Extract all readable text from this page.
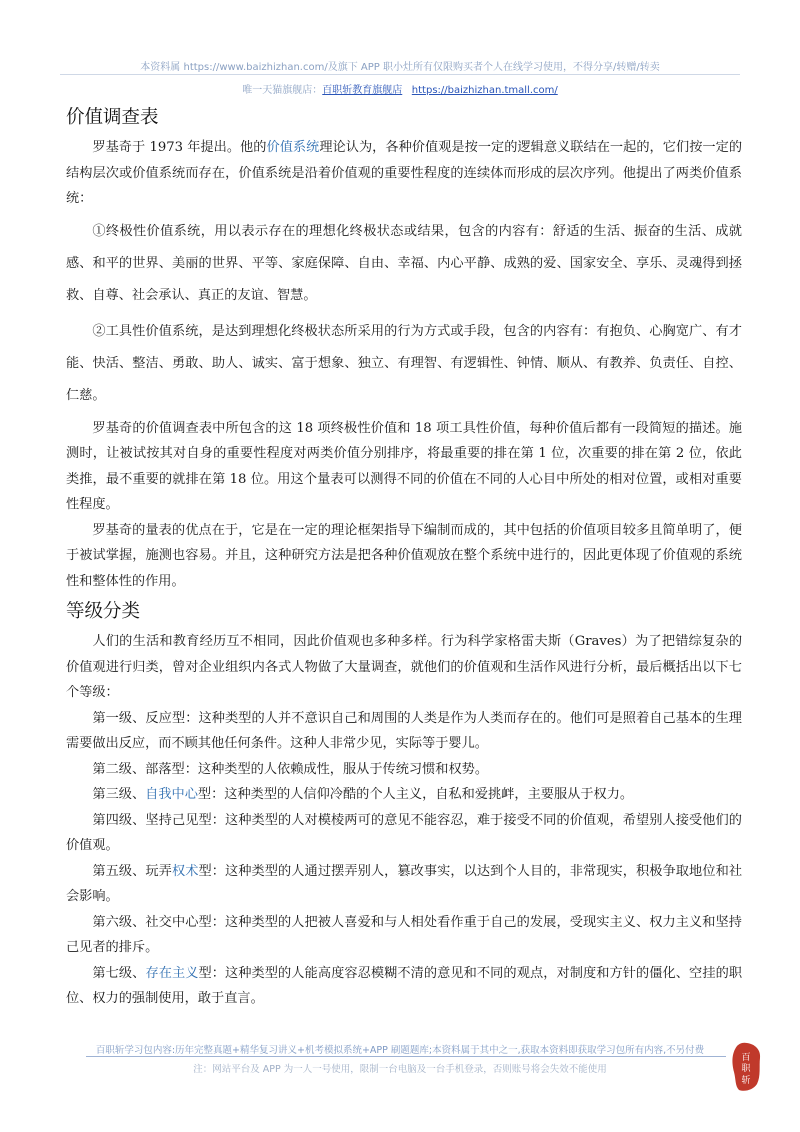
本资料属 https://www.baizhizhan.com/及旗下 APP 职小灶所有仅限购买者个人在线学习使用，不得分享/转赠/转卖
唯一天猫旗舰店：百职斩教育旗舰店 https://baizhizhan.tmall.com/
价值调查表

罗基奇于 1973 年提出。他的价值系统理论认为，各种价值观是按一定的逻辑意义联结在一起的，它们按一定的结构层次或价值系统而存在，价值系统是沿着价值观的重要性程度的连续体而形成的层次序列。他提出了两类价值系统：

①终极性价值系统，用以表示存在的理想化终极状态或结果，包含的内容有：舒适的生活、振奋的生活、成就感、和平的世界、美丽的世界、平等、家庭保障、自由、幸福、内心平静、成熟的爱、国家安全、享乐、灵魂得到拯救、自尊、社会承认、真正的友谊、智慧。

②工具性价值系统，是达到理想化终极状态所采用的行为方式或手段，包含的内容有：有抱负、心胸宽广、有才能、快活、整洁、勇敢、助人、诚实、富于想象、独立、有理智、有逻辑性、钟情、顺从、有教养、负责任、自控、仁慈。

罗基奇的价值调查表中所包含的这 18 项终极性价值和 18 项工具性价值，每种价值后都有一段简短的描述。施测时，让被试按其对自身的重要性程度对两类价值分别排序，将最重要的排在第 1 位，次重要的排在第 2 位，依此类推，最不重要的就排在第 18 位。用这个量表可以测得不同的价值在不同的人心目中所处的相对位置，或相对重要性程度。

罗基奇的量表的优点在于，它是在一定的理论框架指导下编制而成的，其中包括的价值项目较多且简单明了，便于被试掌握，施测也容易。并且，这种研究方法是把各种价值观放在整个系统中进行的，因此更体现了价值观的系统性和整体性的作用。

等级分类

人们的生活和教育经历互不相同，因此价值观也多种多样。行为科学家格雷夫斯（Graves）为了把错综复杂的价值观进行归类，曾对企业组织内各式人物做了大量调查，就他们的价值观和生活作风进行分析，最后概括出以下七个等级：

第一级、反应型：这种类型的人并不意识自己和周围的人类是作为人类而存在的。他们可是照着自己基本的生理需要做出反应，而不顾其他任何条件。这种人非常少见，实际等于婴儿。

第二级、部落型：这种类型的人依赖成性，服从于传统习惯和权势。

第三级、自我中心型：这种类型的人信仰冷酷的个人主义，自私和爱挑衅，主要服从于权力。

第四级、坚持己见型：这种类型的人对模棱两可的意见不能容忍，难于接受不同的价值观，希望别人接受他们的价值观。

第五级、玩弄权术型：这种类型的人通过摆弄别人，篡改事实，以达到个人目的，非常现实，积极争取地位和社会影响。

第六级、社交中心型：这种类型的人把被人喜爱和与人相处看作重于自己的发展，受现实主义、权力主义和坚持己见者的排斥。

第七级、存在主义型：这种类型的人能高度容忍模糊不清的意见和不同的观点，对制度和方针的僵化、空挂的职位、权力的强制使用，敢于直言。

百职斩学习包内容:历年完整真题+精华复习讲义+机考模拟系统+APP 刷题题库;本资料属于其中之一,获取本资料即获取学习包所有内容,不另付费
注：网站平台及 APP 为一人一号使用，限制一台电脑及一台手机登录，否则账号将会失效不能使用
百
职
斩
